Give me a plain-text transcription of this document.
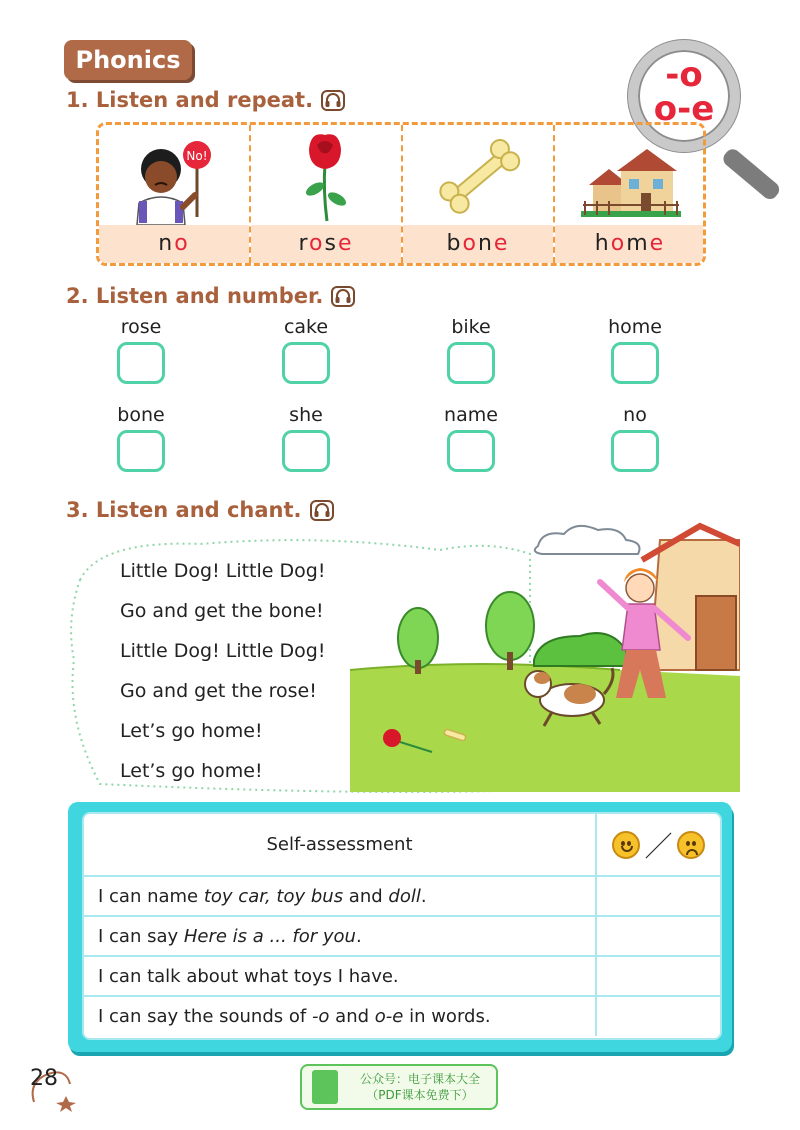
Phonics	-o
o-e
1. Listen and repeat.
No!
no	rose	bone	home
2. Listen and number.
rose	cake	bike	home
bone	she	name	no
3. Listen and chant.
Little Dog! Little Dog!
Go and get the bone!
Little Dog! Little Dog!
Go and get the rose!
Let’s go home!
Let’s go home!
Self-assessment	／

I can name toy car, toy bus and doll.	
I can say Here is a ... for you.	
I can talk about what toys I have.	
I can say the sounds of -o and o-e in words.	
28	公众号：电子课本大全
（PDF课本免费下）
